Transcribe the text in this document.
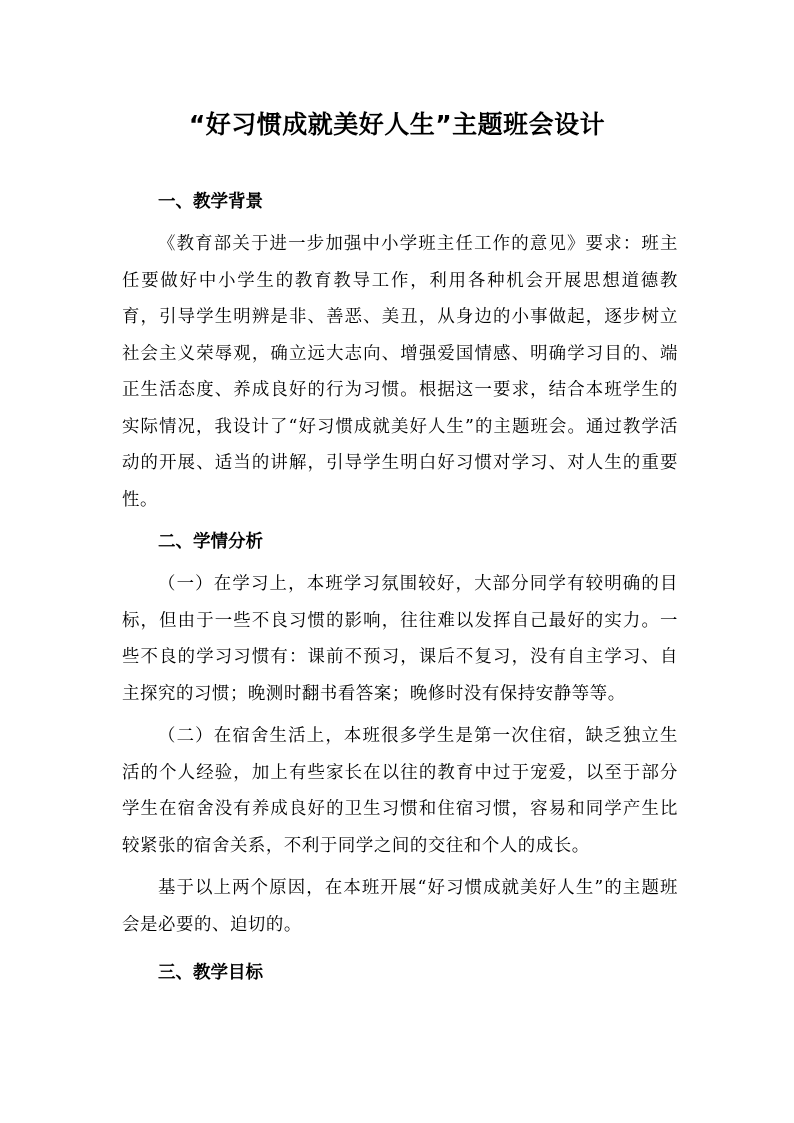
“好习惯成就美好人生”主题班会设计
一、教学背景

《教育部关于进一步加强中小学班主任工作的意见》要求：班主任要做好中小学生的教育教导工作，利用各种机会开展思想道德教育，引导学生明辨是非、善恶、美丑，从身边的小事做起，逐步树立社会主义荣辱观，确立远大志向、增强爱国情感、明确学习目的、端正生活态度、养成良好的行为习惯。根据这一要求，结合本班学生的实际情况，我设计了“好习惯成就美好人生”的主题班会。通过教学活动的开展、适当的讲解，引导学生明白好习惯对学习、对人生的重要性。

二、学情分析

（一）在学习上，本班学习氛围较好，大部分同学有较明确的目标，但由于一些不良习惯的影响，往往难以发挥自己最好的实力。一些不良的学习习惯有：课前不预习，课后不复习，没有自主学习、自主探究的习惯；晚测时翻书看答案；晚修时没有保持安静等等。

（二）在宿舍生活上，本班很多学生是第一次住宿，缺乏独立生活的个人经验，加上有些家长在以往的教育中过于宠爱，以至于部分学生在宿舍没有养成良好的卫生习惯和住宿习惯，容易和同学产生比较紧张的宿舍关系，不利于同学之间的交往和个人的成长。

基于以上两个原因，在本班开展“好习惯成就美好人生”的主题班会是必要的、迫切的。

三、教学目标
